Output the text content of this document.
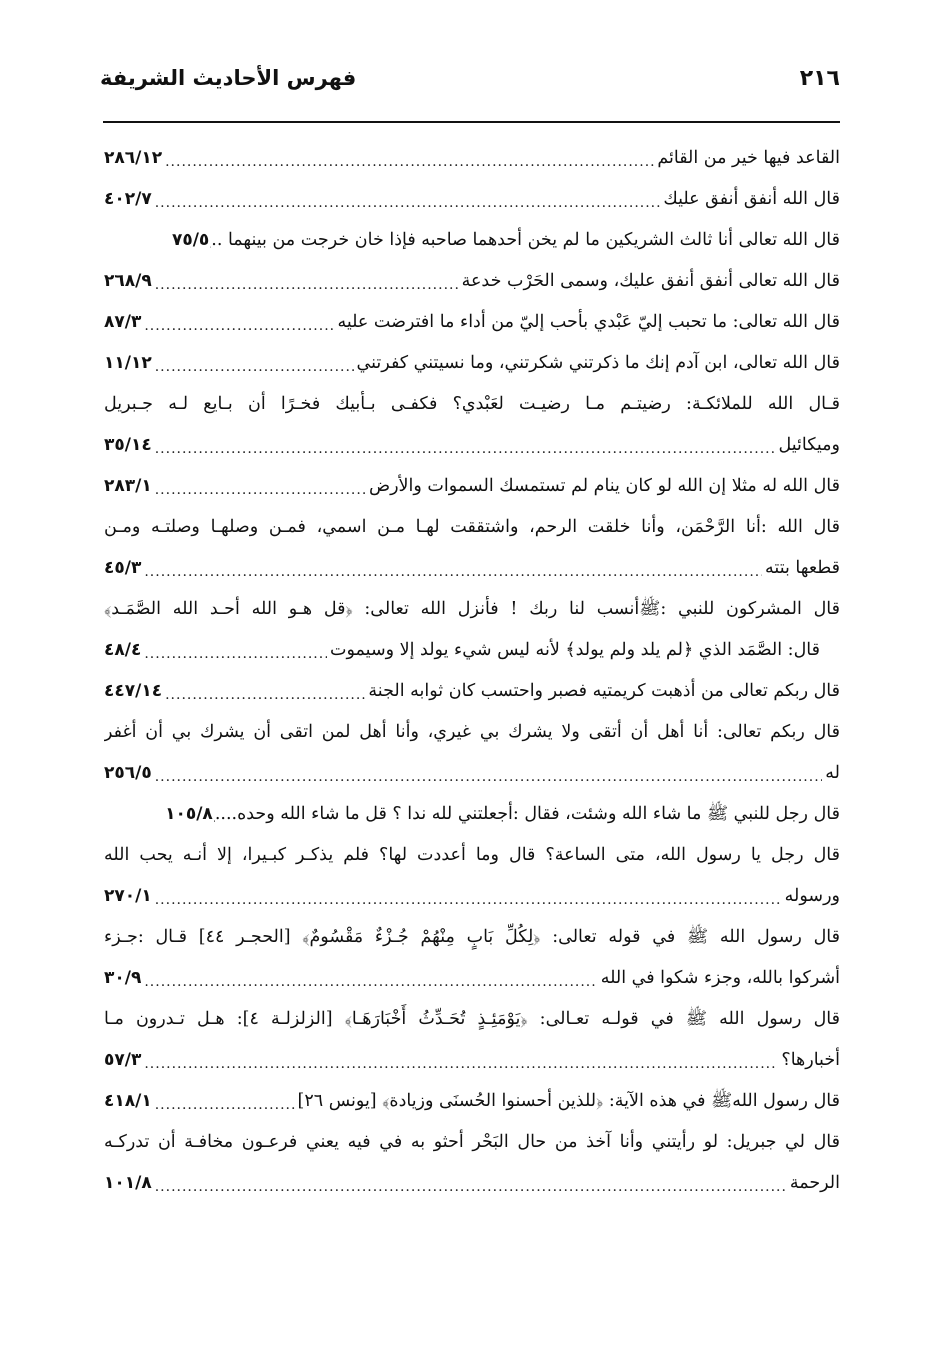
٢١٦
فهرس الأحاديث الشريفة
القاعد فيها خير من القائم
.....
٢٨٦/١٢
قال الله أنفق أنفق عليك
.....
٤٠٢/٧
قال الله تعالى أنا ثالث الشريكين ما لم يخن أحدهما صاحبه فإذا خان خرجت من بينهما ..
.....
٧٥/٥
قال الله تعالى أنفق أنفق عليك، وسمى الحَرْب خدعة
.....
٢٦٨/٩
قال الله تعالى: ما تحبب إليّ عَبْدي بأحب إليّ من أداء ما افترضت عليه
.....
٨٧/٣
قال الله تعالى، ابن آدم إنك ما ذكرتني شكرتني، وما نسيتني كفرتني
.....
١١/١٢
قـال الله للملائكـة: رضيتـم مـا رضيـت لعَبْدي؟ فكفـى بـأبيك فخـرًا أن بـايع لـه جـبريل
وميكائيل
.....
٣٥/١٤
قال الله له مثلا إن الله لو كان ينام لم تستمسك السموات والأرض
.....
٢٨٣/١
قال الله :أنا الرَّحْمَن، وأنا خلقت الرحم، واشتققت لهـا مـن اسمي، فمـن وصلهـا وصلتـه ومـن
قطعها بتته
.....
٤٥/٣
قال المشركون للنبي :ﷺأنسب لنا ربك ! فأنزل الله تعالى: ﴿قل هـو الله أحـد الله الصَّمَـد﴾
قال: الصَّمَد الذي ﴿لم يلد ولم يولد﴾ لأنه ليس شيء يولد إلا وسيموت
.....
٤٨/٤
قال ربكم تعالى من أذهبت كريمتيه فصبر واحتسب كان ثوابه الجنة
.....
٤٤٧/١٤
قال ربكم تعالى: أنا أهل أن أتقى ولا يشرك بي غيري، وأنا أهل لمن اتقى أن يشرك بي أن أغفر
له
.....
٢٥٦/٥
قال رجل للنبي ﷺ ما شاء الله وشئت، فقال :أجعلتني لله ندا ؟ قل ما شاء الله وحده....
.....
١٠٥/٨
قال رجل يا رسول الله، متى الساعة؟ قال وما أعددت لها؟ فلم يذكـر كبـيرا، إلا أنـه يحب الله
ورسوله
.....
٢٧٠/١
قال رسول الله ﷺ في قوله تعالى: ﴿لِكُلِّ بَابٍ مِنْهُمْ جُـزْءٌ مَقْسُومٌ﴾ [الحجـر ٤٤] قـال :جـزء
أشركوا بالله، وجزء شكوا في الله
.....
٣٠/٩
قال رسول الله ﷺ في قولـه تعـالى: ﴿يَوْمَئِـذٍ تُحَـدِّثُ أَخْبَارَهَـا﴾ [الزلزلـة ٤]: هـل تـدرون مـا
أخبارها؟
.....
٥٧/٣
قال رسول اللهﷺ في هذه الآية: ﴿للذين أحسنوا الحُسنَى وزيادة﴾ [يونس ٢٦]
.....
٤١٨/١
قال لي جبريل: لو رأيتني وأنا آخذ من حال البَحْر أحثو به في فيه يعني فرعـون مخافـة أن تدركـه
الرحمة
.....
١٠١/٨
